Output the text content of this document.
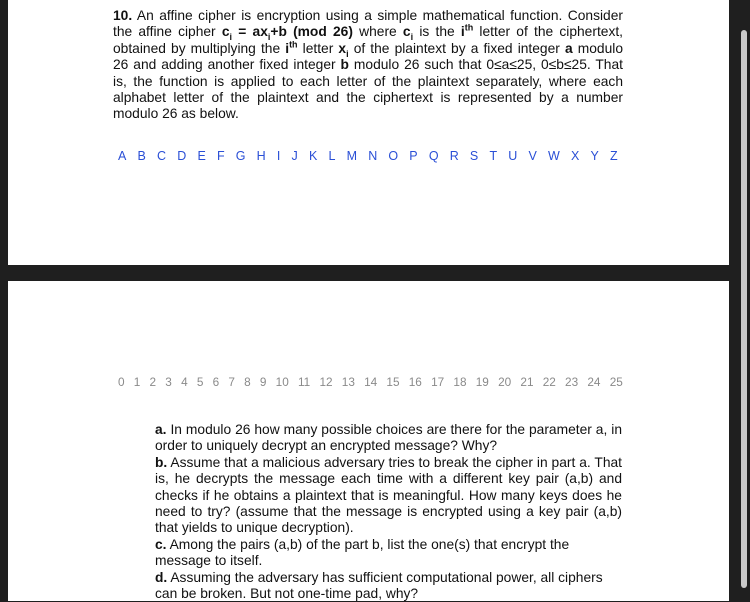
10. An affine cipher is encryption using a simple mathematical function. Consider the affine cipher $c_i = ax_i+b$ (mod 26) where $c_i$ is the $i^{th}$ letter of the ciphertext, obtained by multiplying the $i^{th}$ letter $x_i$ of the plaintext by a fixed integer a modulo 26 and adding another fixed integer b modulo 26 such that 0≤a≤25, 0≤b≤25. That is, the function is applied to each letter of the plaintext separately, where each alphabet letter of the plaintext and the ciphertext is represented by a number modulo 26 as below.
A B C D E F G H I J K L M N O P Q R S T U V W X Y Z
0 1 2 3 4 5 6 7 8 9 10 11 12 13 14 15 16 17 18 19 20 21 22 23 24 25

a. In modulo 26 how many possible choices are there for the parameter a, in order to uniquely decrypt an encrypted message? Why?

b. Assume that a malicious adversary tries to break the cipher in part a. That is, he decrypts the message each time with a different key pair (a,b) and checks if he obtains a plaintext that is meaningful. How many keys does he need to try? (assume that the message is encrypted using a key pair (a,b) that yields to unique decryption).

c. Among the pairs (a,b) of the part b, list the one(s) that encrypt the message to itself.

d. Assuming the adversary has sufficient computational power, all ciphers can be broken. But not one-time pad, why?
